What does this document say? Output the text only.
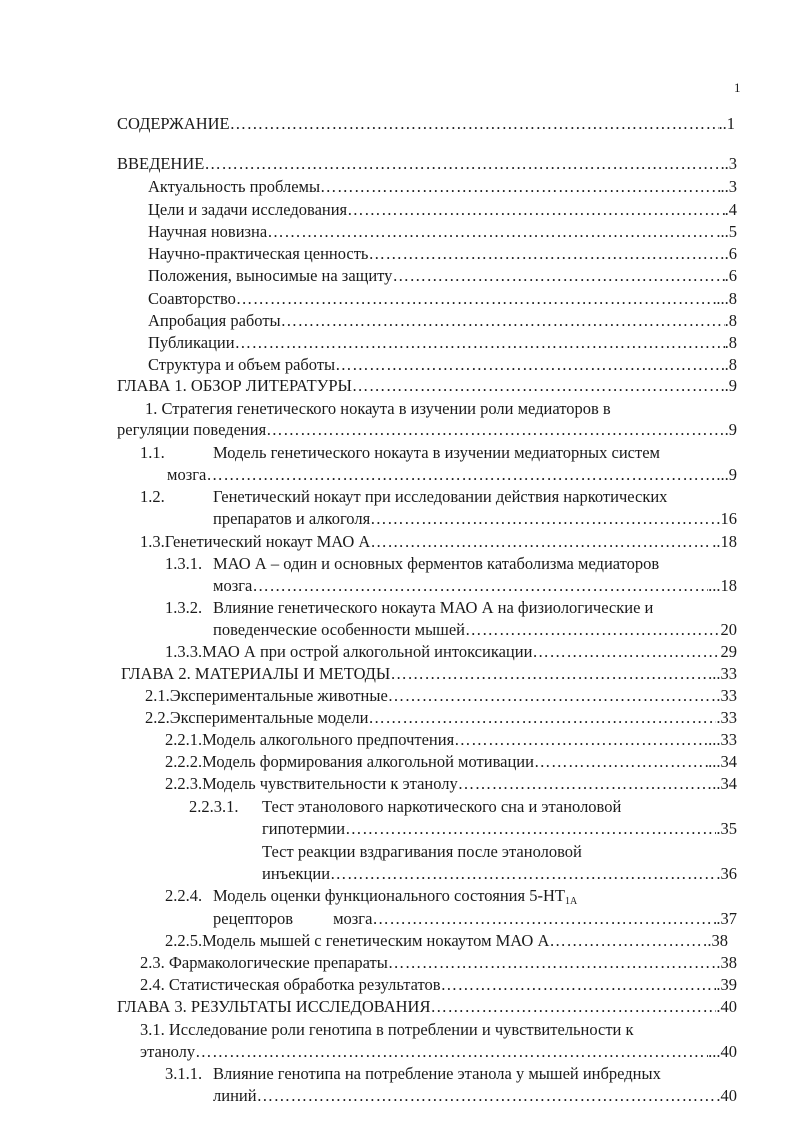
1
СОДЕРЖАНИЕ ………………………………………………………………………………………………………………………………………………………………………………………………………………………………………………	..1
ВВЕДЕНИЕ ………………………………………………………………………………………………………………………………………………………………………………………………………………………………………………	.3
Актуальность проблемы ………………………………………………………………………………………………………………………………………………………………………………………………………………………………………………	..3
Цели и задачи исследования ………………………………………………………………………………………………………………………………………………………………………………………………………………………………………………	.4
Научная новизна ………………………………………………………………………………………………………………………………………………………………………………………………………………………………………………	...5
Научно-практическая ценность ………………………………………………………………………………………………………………………………………………………………………………………………………………………………………………	.6
Положения, выносимые на защиту ………………………………………………………………………………………………………………………………………………………………………………………………………………………………………………	.6
Соавторство ………………………………………………………………………………………………………………………………………………………………………………………………………………………………………………	...8
Апробация работы ………………………………………………………………………………………………………………………………………………………………………………………………………………………………………………	.8
Публикации ………………………………………………………………………………………………………………………………………………………………………………………………………………………………………………	.8
Структура и объем работы ………………………………………………………………………………………………………………………………………………………………………………………………………………………………………………	.8
ГЛАВА 1. ОБЗОР ЛИТЕРАТУРЫ ………………………………………………………………………………………………………………………………………………………………………………………………………………………………………………	.9
1. Стратегия генетического нокаута в изучении роли медиаторов в
регуляции поведения ………………………………………………………………………………………………………………………………………………………………………………………………………………………………………………	.9
1.1.	Модель генетического нокаута в изучении медиаторных систем
мозга ………………………………………………………………………………………………………………………………………………………………………………………………………………………………………………	...9
1.2.	Генетический нокаут при исследовании действия наркотических
препаратов и алкоголя ………………………………………………………………………………………………………………………………………………………………………………………………………………………………………………	16
1.3. Генетический нокаут МАО А ………………………………………………………………………………………………………………………………………………………………………………………………………………………………………………	..18
1.3.1. МАО А – один и основных ферментов катаболизма медиаторов
мозга ………………………………………………………………………………………………………………………………………………………………………………………………………………………………………………	...18
1.3.2. Влияние генетического нокаута МАО А на физиологические и
поведенческие особенности мышей ………………………………………………………………………………………………………………………………………………………………………………………………………………………………………………	20
1.3.3. МАО А при острой алкогольной интоксикации ………………………………………………………………………………………………………………………………………………………………………………………………………………………………………………	29
ГЛАВА 2. МАТЕРИАЛЫ И МЕТОДЫ ………………………………………………………………………………………………………………………………………………………………………………………………………………………………………………	..33
2.1. Экспериментальные животные ………………………………………………………………………………………………………………………………………………………………………………………………………………………………………………	.33
2.2. Экспериментальные модели ………………………………………………………………………………………………………………………………………………………………………………………………………………………………………………	.33
2.2.1. Модель алкогольного предпочтения ………………………………………………………………………………………………………………………………………………………………………………………………………………………………………………	...33
2.2.2. Модель формирования алкогольной мотивации ………………………………………………………………………………………………………………………………………………………………………………………………………………………………………………	...34
2.2.3. Модель чувствительности к этанолу ………………………………………………………………………………………………………………………………………………………………………………………………………………………………………………	..34
2.2.3.1. Тест этанолового наркотического сна и этаноловой
гипотермии ………………………………………………………………………………………………………………………………………………………………………………………………………………………………………………	.35
Тест реакции вздрагивания после этаноловой
инъекции ………………………………………………………………………………………………………………………………………………………………………………………………………………………………………………	.36
2.2.4. Модель оценки функционального состояния $5-НТ_{1А}$
рецепторов мозга ………………………………………………………………………………………………………………………………………………………………………………………………………………………………………………	.37
2.2.5. Модель мышей с генетическим нокаутом МАО А ………………………………………………………………………………………………………………………………………………………………………………………………………………………………………………	.38
2.3. Фармакологические препараты ………………………………………………………………………………………………………………………………………………………………………………………………………………………………………………	.38
2.4. Статистическая обработка результатов ………………………………………………………………………………………………………………………………………………………………………………………………………………………………………………	.39
ГЛАВА 3. РЕЗУЛЬТАТЫ ИССЛЕДОВАНИЯ ………………………………………………………………………………………………………………………………………………………………………………………………………………………………………………	.40
3.1. Исследование роли генотипа в потреблении и чувствительности к
этанолу ………………………………………………………………………………………………………………………………………………………………………………………………………………………………………………	...40
3.1.1. Влияние генотипа на потребление этанола у мышей инбредных
линий ………………………………………………………………………………………………………………………………………………………………………………………………………………………………………………	.40
